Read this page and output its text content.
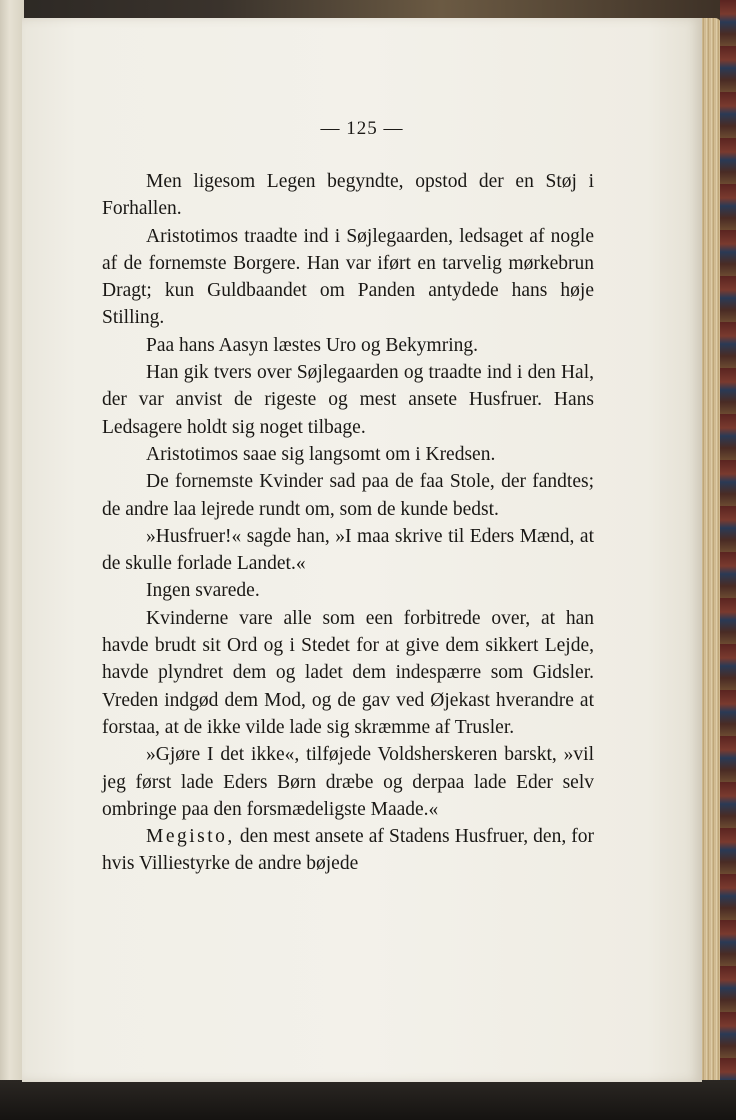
— 125 —

Men ligesom Legen begyndte, opstod der en Støj i Forhallen.

Aristotimos traadte ind i Søjlegaarden, ledsaget af nogle af de fornemste Borgere. Han var iført en tarvelig mørkebrun Dragt; kun Guldbaandet om Panden antydede hans høje Stilling.

Paa hans Aasyn læstes Uro og Bekymring.

Han gik tvers over Søjlegaarden og traadte ind i den Hal, der var anvist de rigeste og mest ansete Husfruer. Hans Ledsagere holdt sig noget tilbage.

Aristotimos saae sig langsomt om i Kredsen.

De fornemste Kvinder sad paa de faa Stole, der fandtes; de andre laa lejrede rundt om, som de kunde bedst.

»Husfruer!« sagde han, »I maa skrive til Eders Mænd, at de skulle forlade Landet.«

Ingen svarede.

Kvinderne vare alle som een forbitrede over, at han havde brudt sit Ord og i Stedet for at give dem sikkert Lejde, havde plyndret dem og ladet dem indespærre som Gidsler. Vreden indgød dem Mod, og de gav ved Øjekast hverandre at forstaa, at de ikke vilde lade sig skræmme af Trusler.

»Gjøre I det ikke«, tilføjede Voldsherskeren barskt, »vil jeg først lade Eders Børn dræbe og derpaa lade Eder selv ombringe paa den forsmædeligste Maade.«

Megisto, den mest ansete af Stadens Husfruer, den, for hvis Villiestyrke de andre bøjede
